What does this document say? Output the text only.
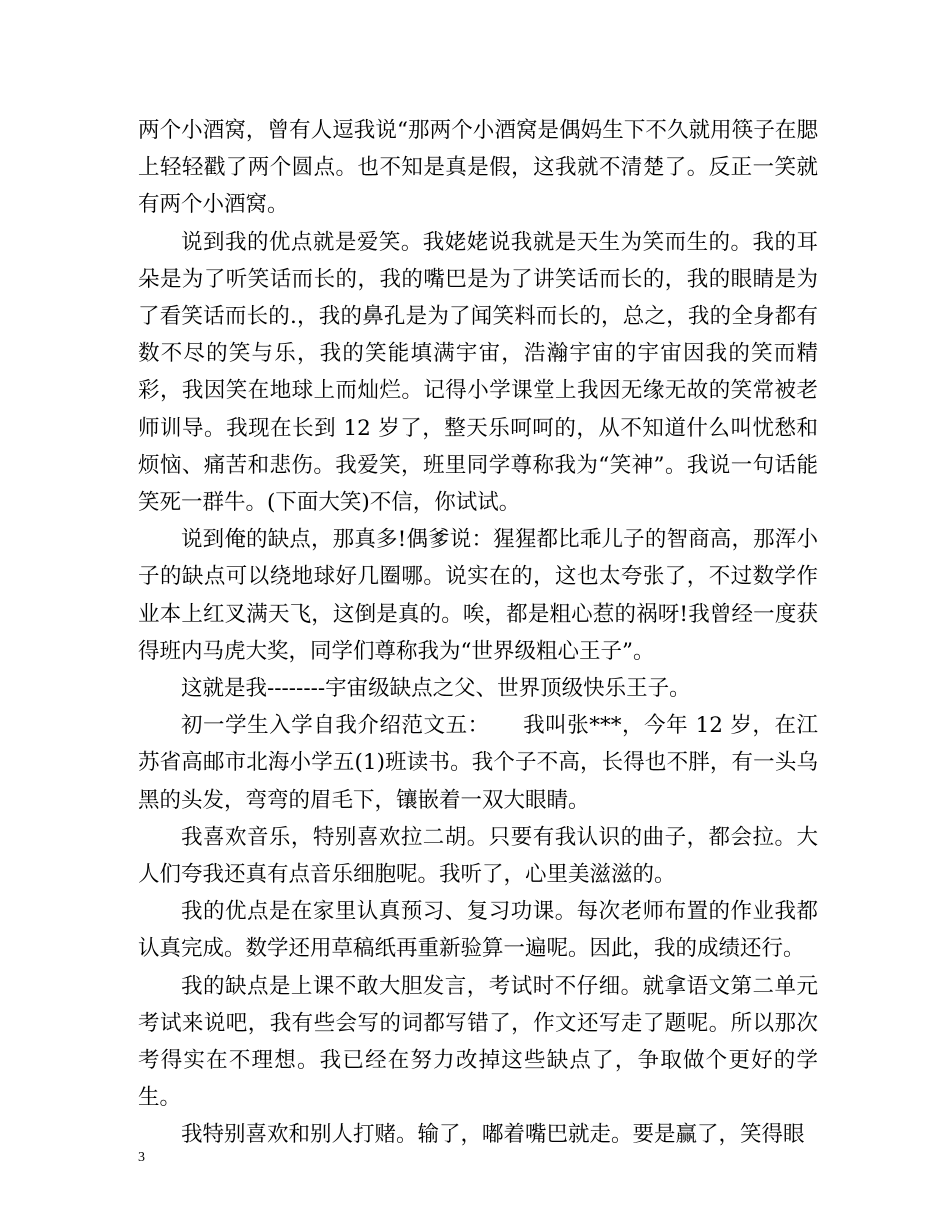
两个小酒窝，曾有人逗我说“那两个小酒窝是偶妈生下不久就用筷子在腮上轻轻戳了两个圆点。也不知是真是假，这我就不清楚了。反正一笑就有两个小酒窝。

说到我的优点就是爱笑。我姥姥说我就是天生为笑而生的。我的耳朵是为了听笑话而长的，我的嘴巴是为了讲笑话而长的，我的眼睛是为了看笑话而长的.，我的鼻孔是为了闻笑料而长的，总之，我的全身都有数不尽的笑与乐，我的笑能填满宇宙，浩瀚宇宙的宇宙因我的笑而精彩，我因笑在地球上而灿烂。记得小学课堂上我因无缘无故的笑常被老师训导。我现在长到 12 岁了，整天乐呵呵的，从不知道什么叫忧愁和烦恼、痛苦和悲伤。我爱笑，班里同学尊称我为“笑神”。我说一句话能笑死一群牛。(下面大笑)不信，你试试。

说到俺的缺点，那真多!偶爹说：猩猩都比乖儿子的智商高，那浑小子的缺点可以绕地球好几圈哪。说实在的，这也太夸张了，不过数学作业本上红叉满天飞，这倒是真的。唉，都是粗心惹的祸呀!我曾经一度获得班内马虎大奖，同学们尊称我为“世界级粗心王子”。

这就是我--------宇宙级缺点之父、世界顶级快乐王子。

初一学生入学自我介绍范文五：　　我叫张***，今年 12 岁，在江苏省高邮市北海小学五(1)班读书。我个子不高，长得也不胖，有一头乌黑的头发，弯弯的眉毛下，镶嵌着一双大眼睛。

我喜欢音乐，特别喜欢拉二胡。只要有我认识的曲子，都会拉。大人们夸我还真有点音乐细胞呢。我听了，心里美滋滋的。

我的优点是在家里认真预习、复习功课。每次老师布置的作业我都认真完成。数学还用草稿纸再重新验算一遍呢。因此，我的成绩还行。

我的缺点是上课不敢大胆发言，考试时不仔细。就拿语文第二单元考试来说吧，我有些会写的词都写错了，作文还写走了题呢。所以那次考得实在不理想。我已经在努力改掉这些缺点了，争取做个更好的学生。

我特别喜欢和别人打赌。输了，嘟着嘴巴就走。要是赢了，笑得眼

3
